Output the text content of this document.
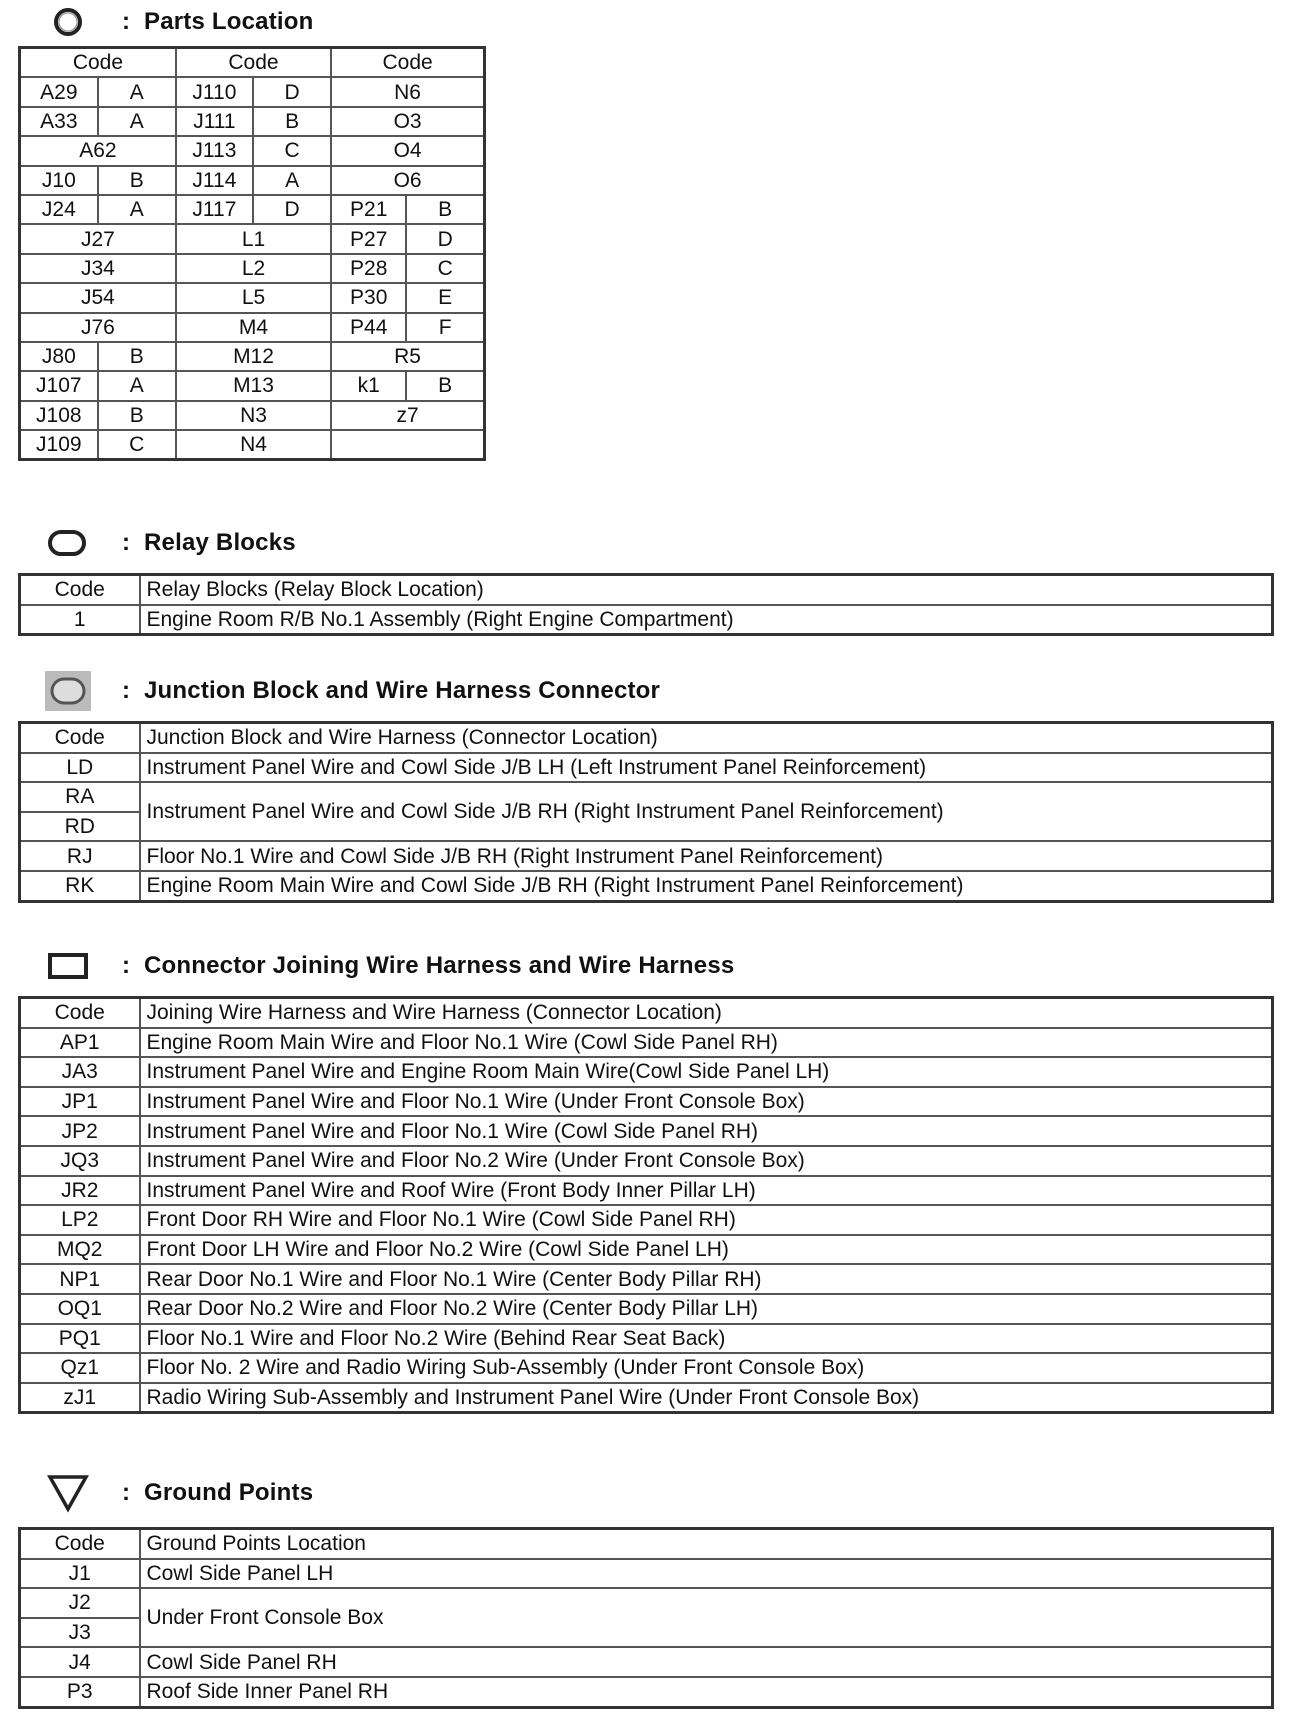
: Parts Location
Code		Code		Code	
A29	A	J110	D	N6	
A33	A	J111	B	O3	
A62		J113	C	O4	
J10	B	J114	A	O6	
J24	A	J117	D	P21	B
J27		L1		P27	D
J34		L2		P28	C
J54		L5		P30	E
J76		M4		P44	F
J80	B	M12		R5	
J107	A	M13		k1	B
J108	B	N3		z7	
J109	C	N4			
: Relay Blocks
Code	Relay Blocks (Relay Block Location)
1	Engine Room R/B No.1 Assembly (Right Engine Compartment)
: Junction Block and Wire Harness Connector
Code	Junction Block and Wire Harness (Connector Location)
LD	Instrument Panel Wire and Cowl Side J/B LH (Left Instrument Panel Reinforcement)
RA	Instrument Panel Wire and Cowl Side J/B RH (Right Instrument Panel Reinforcement)
RD	
RJ	Floor No.1 Wire and Cowl Side J/B RH (Right Instrument Panel Reinforcement)
RK	Engine Room Main Wire and Cowl Side J/B RH (Right Instrument Panel Reinforcement)
: Connector Joining Wire Harness and Wire Harness
Code	Joining Wire Harness and Wire Harness (Connector Location)
AP1	Engine Room Main Wire and Floor No.1 Wire (Cowl Side Panel RH)
JA3	Instrument Panel Wire and Engine Room Main Wire(Cowl Side Panel LH)
JP1	Instrument Panel Wire and Floor No.1 Wire (Under Front Console Box)
JP2	Instrument Panel Wire and Floor No.1 Wire (Cowl Side Panel RH)
JQ3	Instrument Panel Wire and Floor No.2 Wire (Under Front Console Box)
JR2	Instrument Panel Wire and Roof Wire (Front Body Inner Pillar LH)
LP2	Front Door RH Wire and Floor No.1 Wire (Cowl Side Panel RH)
MQ2	Front Door LH Wire and Floor No.2 Wire (Cowl Side Panel LH)
NP1	Rear Door No.1 Wire and Floor No.1 Wire (Center Body Pillar RH)
OQ1	Rear Door No.2 Wire and Floor No.2 Wire (Center Body Pillar LH)
PQ1	Floor No.1 Wire and Floor No.2 Wire (Behind Rear Seat Back)
Qz1	Floor No. 2 Wire and Radio Wiring Sub-Assembly (Under Front Console Box)
zJ1	Radio Wiring Sub-Assembly and Instrument Panel Wire (Under Front Console Box)
: Ground Points
Code	Ground Points Location
J1	Cowl Side Panel LH
J2	Under Front Console Box
J3	
J4	Cowl Side Panel RH
P3	Roof Side Inner Panel RH
